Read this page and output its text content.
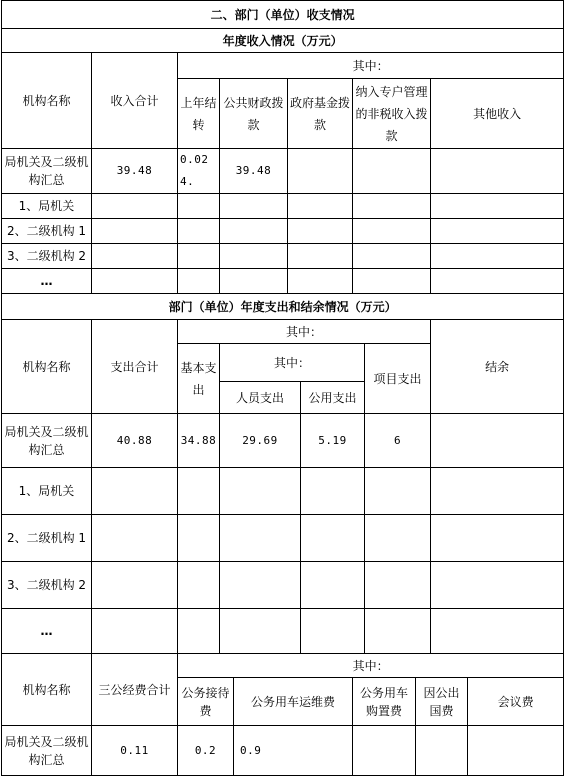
二、部门（单位）收支情况											
年度收入情况（万元）											
机构名称	收入合计	其中：									
		上年结转	公共财政拨款		政府基金拨款		纳入专户管理的非税收入拨款			其他收入	
局机关及二级机构汇总	39.48	0.024.	39.48								
1、局机关											
2、二级机构 1											
3、二级机构 2											
…											
部门（单位）年度支出和结余情况（万元）											
机构名称	支出合计	其中：								结余	
		基本支出	其中：					项目支出			
			人员支出			公用支出					
局机关及二级机构汇总	40.88	34.88	29.69			5.19		6			
1、局机关											
2、二级机构 1											
3、二级机构 2											
…											
机构名称	三公经费合计	其中：									
		公务接待费		公务用车运维费			公务用车购置费		因公出国费		会议费
局机关及二级机构汇总	0.11	0.2		0.9							
